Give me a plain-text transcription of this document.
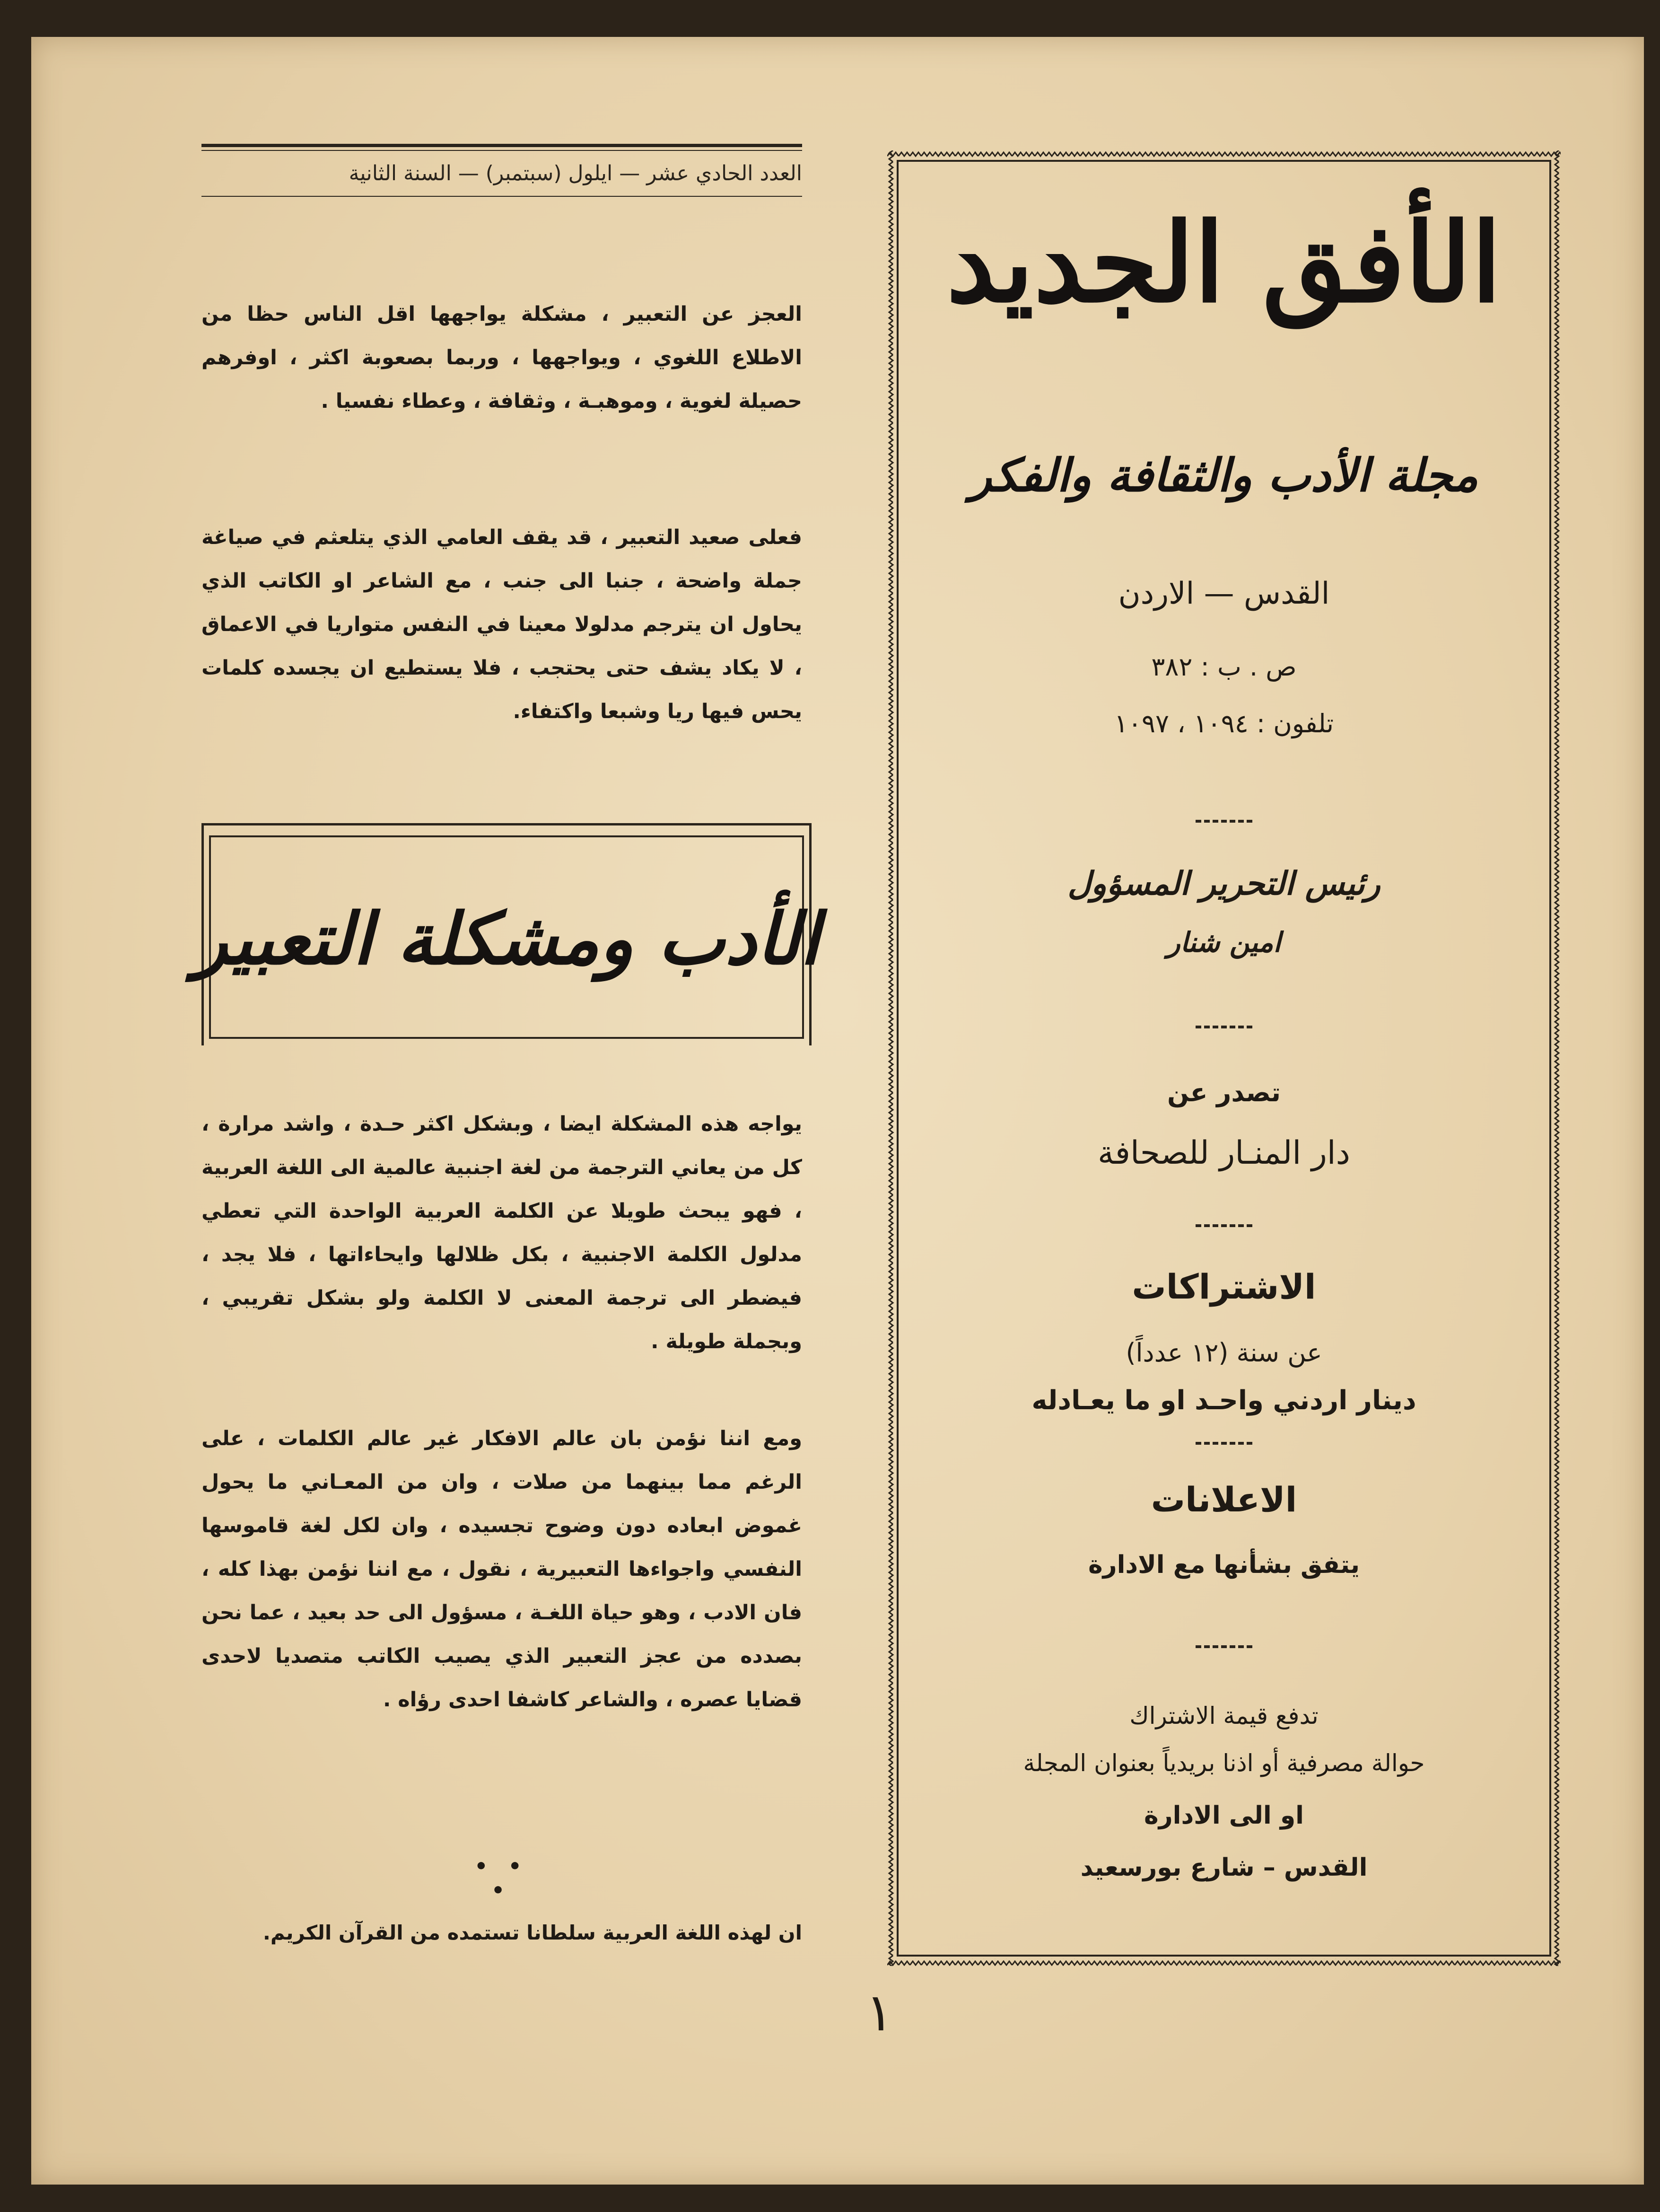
العدد الحادي عشر — ايلول (سبتمبر) — السنة الثانية
العجز عن التعبير ، مشكلة يواجهها اقل الناس حظا من الاطلاع اللغوي ، ويواجهها ، وربما بصعوبة اكثر ، اوفرهم حصيلة لغوية ، وموهبـة ، وثقافة ، وعطاء نفسيا .
فعلى صعيد التعبير ، قد يقف العامي الذي يتلعثم في صياغة جملة واضحة ، جنبا الى جنب ، مع الشاعر او الكاتب الذي يحاول ان يترجم مدلولا معينا في النفس متواريا في الاعماق ، لا يكاد يشف حتى يحتجب ، فلا يستطيع ان يجسده كلمات يحس فيها ريا وشبعا واكتفاء.
الأدب ومشكلة التعبير
يواجه هذه المشكلة ايضا ، وبشكل اكثر حـدة ، واشد مرارة ، كل من يعاني الترجمة من لغة اجنبية عالمية الى اللغة العربية ، فهو يبحث طويلا عن الكلمة العربية الواحدة التي تعطي مدلول الكلمة الاجنبية ، بكل ظلالها وايحاءاتها ، فلا يجد ، فيضطر الى ترجمة المعنى لا الكلمة ولو بشكل تقريبي ، وبجملة طويلة .
ومع اننا نؤمن بان عالم الافكار غير عالم الكلمات ، على الرغم مما بينهما من صلات ، وان من المعـاني ما يحول غموض ابعاده دون وضوح تجسيده ، وان لكل لغة قاموسها النفسي واجواءها التعبيرية ، نقول ، مع اننا نؤمن بهذا كله ، فان الادب ، وهو حياة اللغـة ، مسؤول الى حد بعيد ، عما نحن بصدده من عجز التعبير الذي يصيب الكاتب متصديا لاحدى قضايا عصره ، والشاعر كاشفا احدى رؤاه .
• • •
ان لهذه اللغة العربية سلطانا تستمده من القرآن الكريم.
الأفق الجديد
مجلة الأدب والثقافة والفكر
القدس — الاردن
ص . ب : ٣٨٢
تلفون : ١٠٩٤ ، ١٠٩٧
رئيس التحرير المسؤول
امين شنار
تصدر عن
دار المنـار للصحافة
الاشتراكات
عن سنة (١٢ عدداً)
دينار اردني واحـد او ما يعـادله
الاعلانات
يتفق بشأنها مع الادارة
تدفع قيمة الاشتراك
حوالة مصرفية أو اذنا بريدياً بعنوان المجلة
او الى الادارة
القدس – شارع بورسعيد
١
